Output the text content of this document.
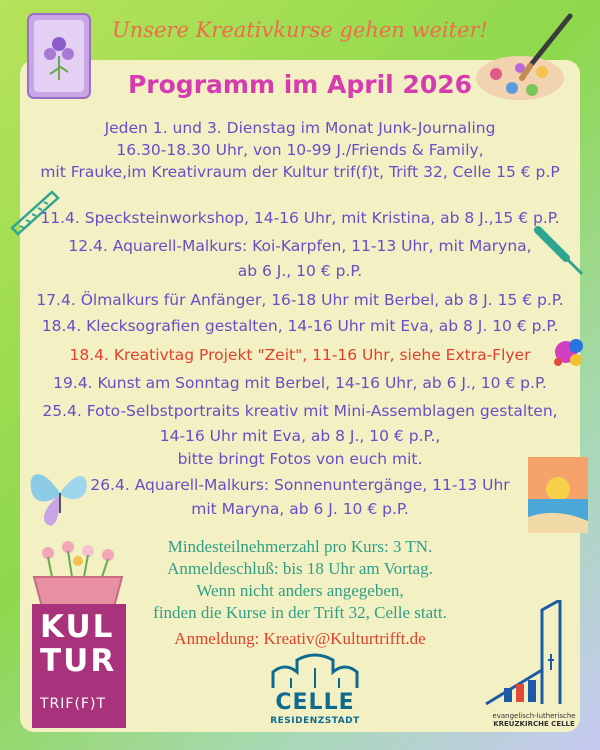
Unsere Kreativkurse gehen weiter!
Programm im April 2026
Jeden 1. und 3. Dienstag im Monat Junk-Journaling
16.30-18.30 Uhr, von 10-99 J./Friends & Family,
mit Frauke,im Kreativraum der Kultur trif(f)t, Trift 32, Celle 15 € p.P
11.4. Specksteinworkshop, 14-16 Uhr, mit Kristina, ab 8 J.,15 € p.P.
12.4. Aquarell-Malkurs: Koi-Karpfen, 11-13 Uhr, mit Maryna,
ab 6 J., 10 € p.P.
17.4. Ölmalkurs für Anfänger, 16-18 Uhr mit Berbel, ab 8 J. 15 € p.P.
18.4. Klecksografien gestalten, 14-16 Uhr mit Eva, ab 8 J. 10 € p.P.
18.4. Kreativtag Projekt "Zeit", 11-16 Uhr, siehe Extra-Flyer
19.4. Kunst am Sonntag mit Berbel, 14-16 Uhr, ab 6 J., 10 € p.P.
25.4. Foto-Selbstportraits kreativ mit Mini-Assemblagen gestalten,
14-16 Uhr mit Eva, ab 8 J., 10 € p.P.,
bitte bringt Fotos von euch mit.
26.4. Aquarell-Malkurs: Sonnenuntergänge, 11-13 Uhr
mit Maryna, ab 6 J. 10 € p.P.
Mindesteilnehmerzahl pro Kurs: 3 TN.
Anmeldeschluß: bis 18 Uhr am Vortag.
Wenn nicht anders angegeben,
finden die Kurse in der Trift 32, Celle statt.
Anmeldung: Kreativ@Kulturtrifft.de
KUL
TUR
TRIF(F)T	CELLE
RESIDENZSTADT	evangelisch-lutherische
KREUZKIRCHE CELLE
